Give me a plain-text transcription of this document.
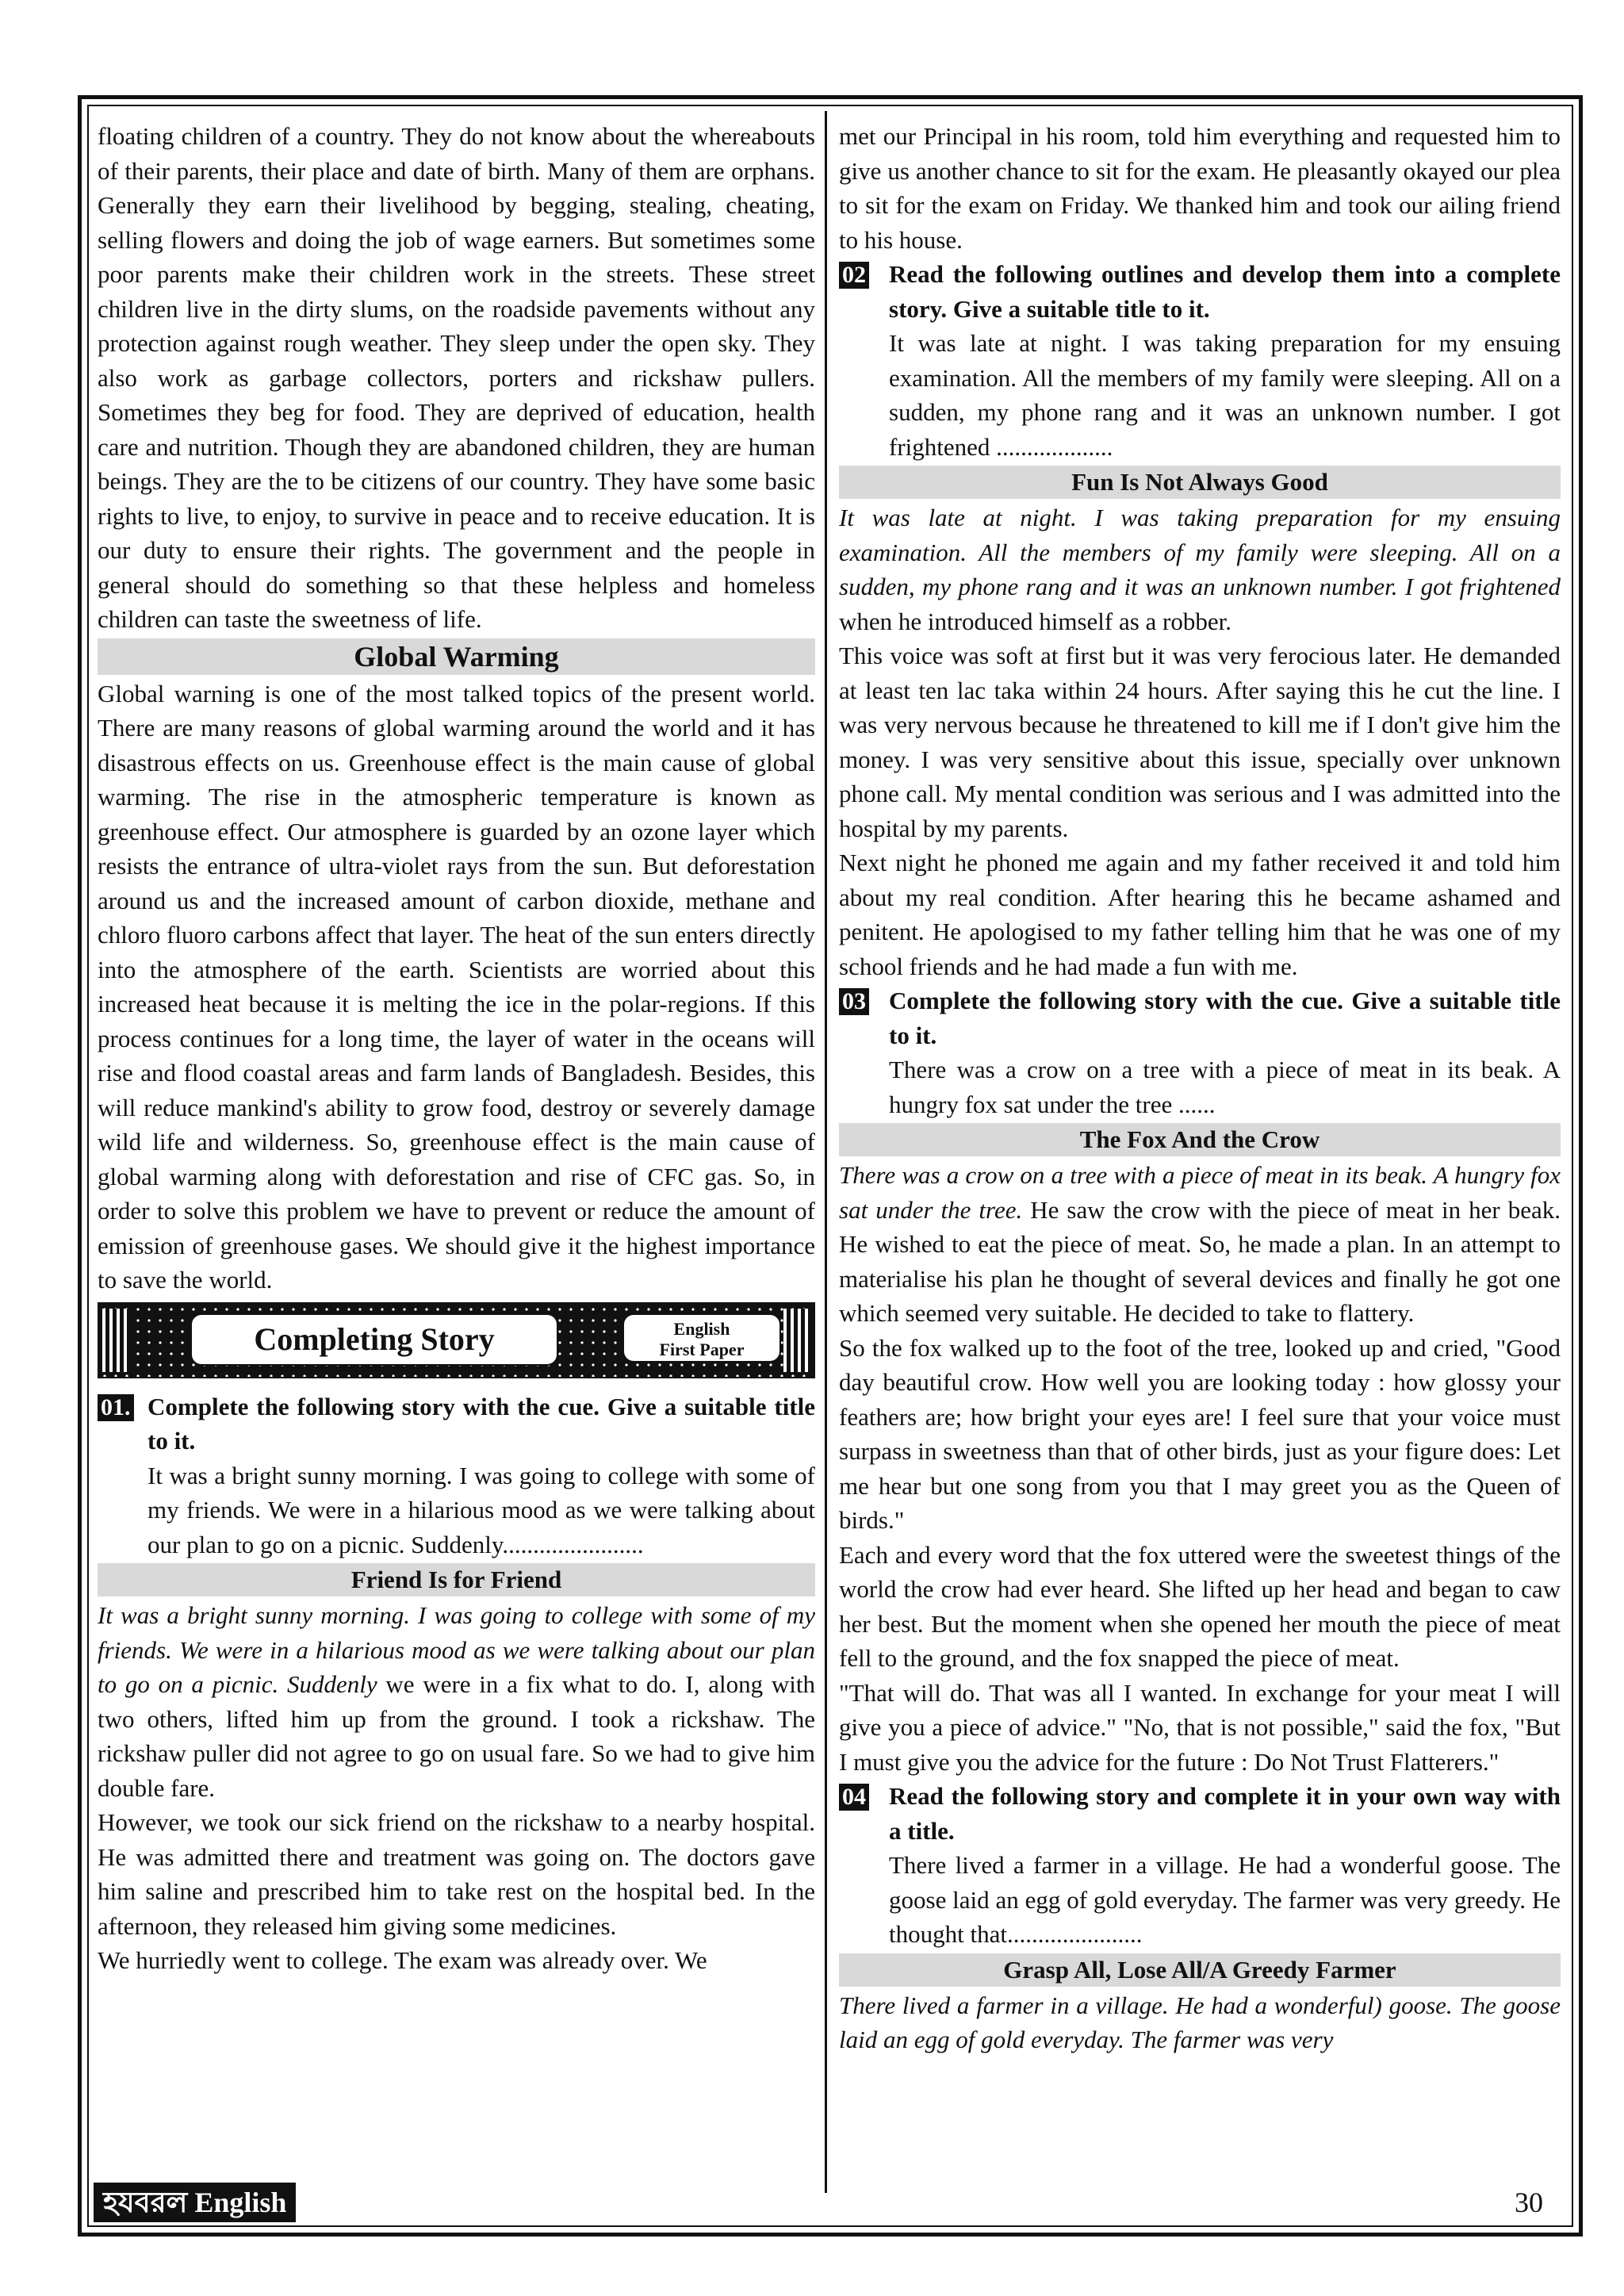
floating children of a country. They do not know about the whereabouts of their parents, their place and date of birth. Many of them are orphans. Generally they earn their livelihood by begging, stealing, cheating, selling flowers and doing the job of wage earners. But sometimes some poor parents make their children work in the streets. These street children live in the dirty slums, on the roadside pavements without any protection against rough weather. They sleep under the open sky. They also work as garbage collectors, porters and rickshaw pullers. Sometimes they beg for food. They are deprived of education, health care and nutrition. Though they are abandoned children, they are human beings. They are the to be citizens of our country. They have some basic rights to live, to enjoy, to survive in peace and to receive education. It is our duty to ensure their rights. The government and the people in general should do something so that these helpless and homeless children can taste the sweetness of life.

Global Warming

Global warning is one of the most talked topics of the present world. There are many reasons of global warming around the world and it has disastrous effects on us. Greenhouse effect is the main cause of global warming. The rise in the atmospheric temperature is known as greenhouse effect. Our atmosphere is guarded by an ozone layer which resists the entrance of ultra-violet rays from the sun. But deforestation around us and the increased amount of carbon dioxide, methane and chloro fluoro carbons affect that layer. The heat of the sun enters directly into the atmosphere of the earth. Scientists are worried about this increased heat because it is melting the ice in the polar-regions. If this process continues for a long time, the layer of water in the oceans will rise and flood coastal areas and farm lands of Bangladesh. Besides, this will reduce mankind's ability to grow food, destroy or severely damage wild life and wilderness. So, greenhouse effect is the main cause of global warming along with deforestation and rise of CFC gas. So, in order to solve this problem we have to prevent or reduce the amount of emission of greenhouse gases. We should give it the highest importance to save the world.

Completing Story	English
First Paper
01. Complete the following story with the cue. Give a suitable title to it.

It was a bright sunny morning. I was going to college with some of my friends. We were in a hilarious mood as we were talking about our plan to go on a picnic. Suddenly.......................

Friend Is for Friend

It was a bright sunny morning. I was going to college with some of my friends. We were in a hilarious mood as we were talking about our plan to go on a picnic. Suddenly we were in a fix what to do. I, along with two others, lifted him up from the ground. I took a rickshaw. The rickshaw puller did not agree to go on usual fare. So we had to give him double fare.

However, we took our sick friend on the rickshaw to a nearby hospital. He was admitted there and treatment was going on. The doctors gave him saline and prescribed him to take rest on the hospital bed. In the afternoon, they released him giving some medicines.

We hurriedly went to college. The exam was already over. We

met our Principal in his room, told him everything and requested him to give us another chance to sit for the exam. He pleasantly okayed our plea to sit for the exam on Friday. We thanked him and took our ailing friend to his house.

02 Read the following outlines and develop them into a complete story. Give a suitable title to it.

It was late at night. I was taking preparation for my ensuing examination. All the members of my family were sleeping. All on a sudden, my phone rang and it was an unknown number. I got frightened ...................

Fun Is Not Always Good

It was late at night. I was taking preparation for my ensuing examination. All the members of my family were sleeping. All on a sudden, my phone rang and it was an unknown number. I got frightened when he introduced himself as a robber.

This voice was soft at first but it was very ferocious later. He demanded at least ten lac taka within 24 hours. After saying this he cut the line. I was very nervous because he threatened to kill me if I don't give him the money. I was very sensitive about this issue, specially over unknown phone call. My mental condition was serious and I was admitted into the hospital by my parents.

Next night he phoned me again and my father received it and told him about my real condition. After hearing this he became ashamed and penitent. He apologised to my father telling him that he was one of my school friends and he had made a fun with me.

03 Complete the following story with the cue. Give a suitable title to it.

There was a crow on a tree with a piece of meat in its beak. A hungry fox sat under the tree ......

The Fox And the Crow

There was a crow on a tree with a piece of meat in its beak. A hungry fox sat under the tree. He saw the crow with the piece of meat in her beak. He wished to eat the piece of meat. So, he made a plan. In an attempt to materialise his plan he thought of several devices and finally he got one which seemed very suitable. He decided to take to flattery.

So the fox walked up to the foot of the tree, looked up and cried, "Good day beautiful crow. How well you are looking today : how glossy your feathers are; how bright your eyes are! I feel sure that your voice must surpass in sweetness than that of other birds, just as your figure does: Let me hear but one song from you that I may greet you as the Queen of birds."

Each and every word that the fox uttered were the sweetest things of the world the crow had ever heard. She lifted up her head and began to caw her best. But the moment when she opened her mouth the piece of meat fell to the ground, and the fox snapped the piece of meat.

"That will do. That was all I wanted. In exchange for your meat I will give you a piece of advice." "No, that is not possible," said the fox, "But I must give you the advice for the future : Do Not Trust Flatterers."

04 Read the following story and complete it in your own way with a title.

There lived a farmer in a village. He had a wonderful goose. The goose laid an egg of gold everyday. The farmer was very greedy. He thought that......................

Grasp All, Lose All/A Greedy Farmer

There lived a farmer in a village. He had a wonderful) goose. The goose laid an egg of gold everyday. The farmer was very

হযবরল English	30
